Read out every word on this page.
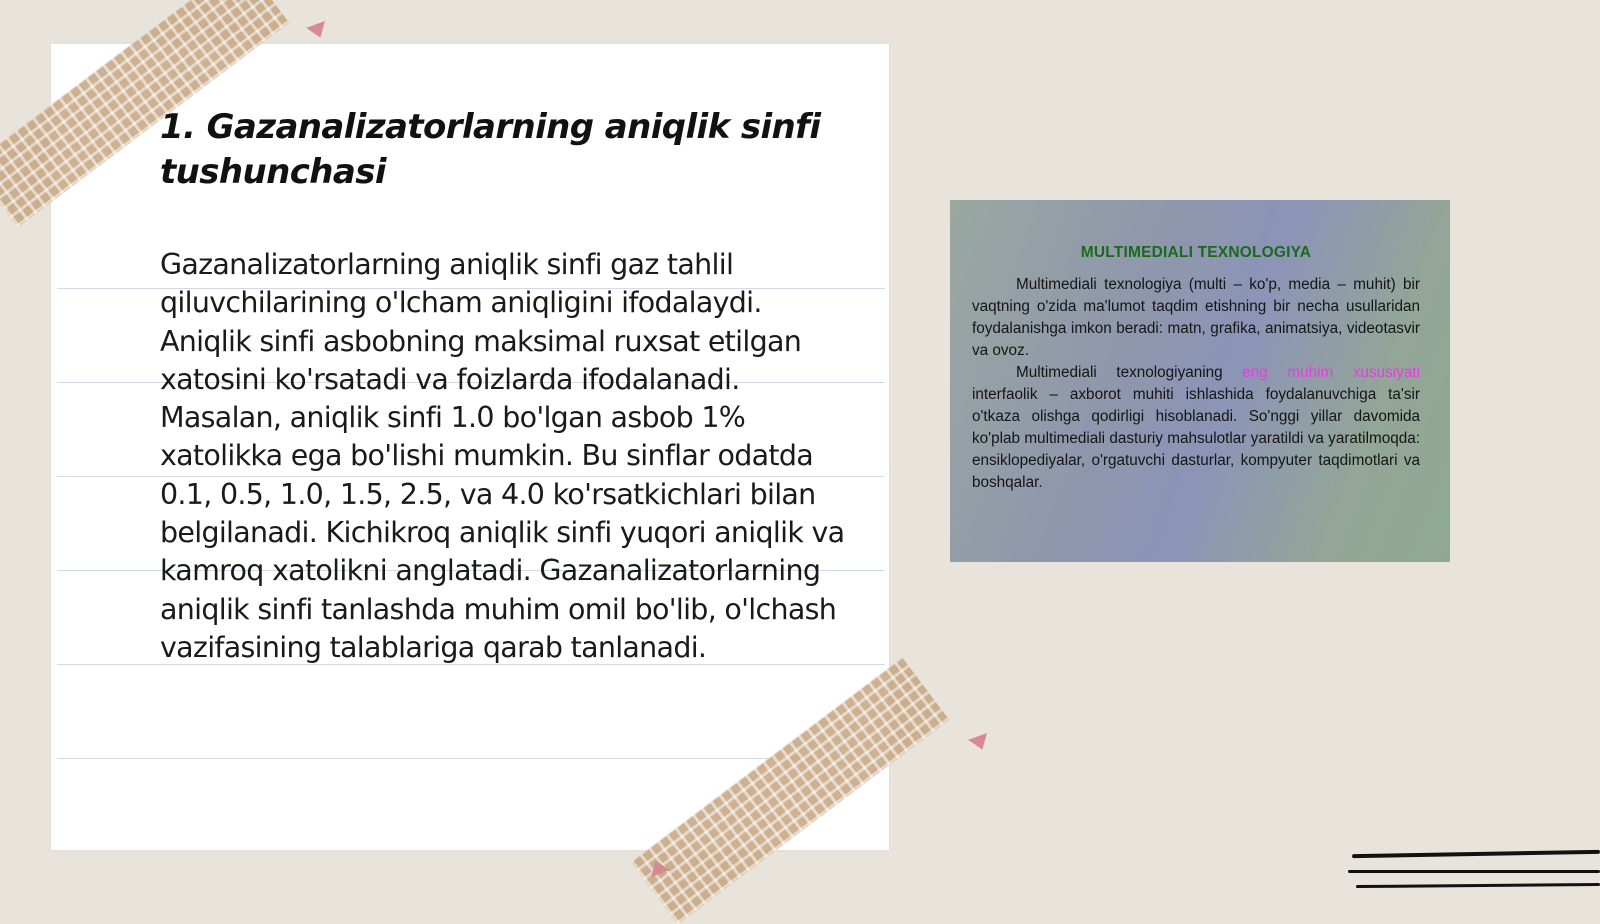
1. Gazanalizatorlarning aniqlik sinfi tushunchasi

Gazanalizatorlarning aniqlik sinfi gaz tahlil qiluvchilarining o'lcham aniqligini ifodalaydi. Aniqlik sinfi asbobning maksimal ruxsat etilgan xatosini ko'rsatadi va foizlarda ifodalanadi. Masalan, aniqlik sinfi 1.0 bo'lgan asbob 1% xatolikka ega bo'lishi mumkin. Bu sinflar odatda 0.1, 0.5, 1.0, 1.5, 2.5, va 4.0 ko'rsatkichlari bilan belgilanadi. Kichikroq aniqlik sinfi yuqori aniqlik va kamroq xatolikni anglatadi. Gazanalizatorlarning aniqlik sinfi tanlashda muhim omil bo'lib, o'lchash vazifasining talablariga qarab tanlanadi.

MULTIMEDIALI TEXNOLOGIYA

Multimediali texnologiya (multi – ko'p, media – muhit) bir vaqtning o'zida ma'lumot taqdim etishning bir necha usullaridan foydalanishga imkon beradi: matn, grafika, animatsiya, videotasvir va ovoz.

Multimediali texnologiyaning eng muhim xususiyati interfaolik – axborot muhiti ishlashida foydalanuvchiga ta'sir o'tkaza olishga qodirligi hisoblanadi. So'nggi yillar davomida ko'plab multimediali dasturiy mahsulotlar yaratildi va yaratilmoqda: ensiklopediyalar, o'rgatuvchi dasturlar, kompyuter taqdimotlari va boshqalar.
